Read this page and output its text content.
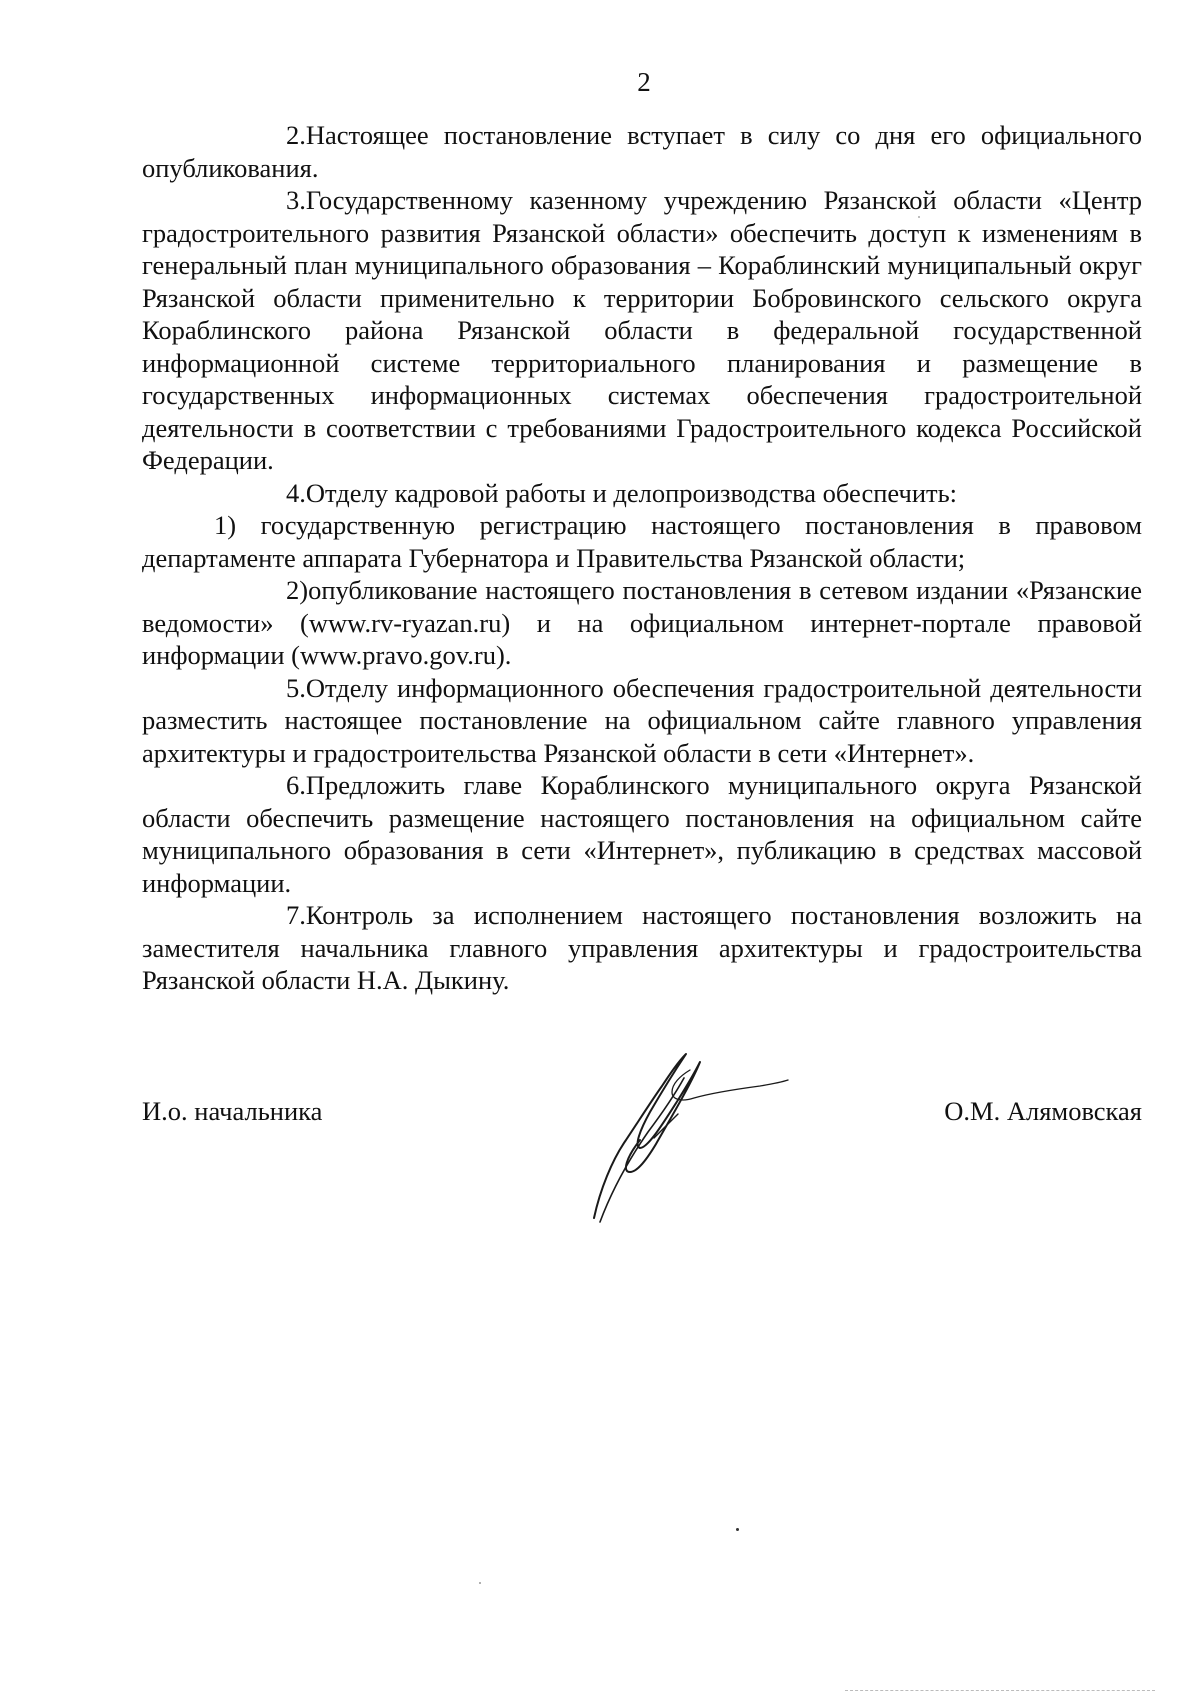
2

2.Настоящее постановление вступает в силу со дня его официального опубликования.

3.Государственному казенному учреждению Рязанской области «Центр градостроительного развития Рязанской области» обеспечить доступ к изменениям в генеральный план муниципального образования – Кораблинский муниципальный округ Рязанской области применительно к территории Бобровинского сельского округа Кораблинского района Рязанской области в федеральной государственной информационной системе территориального планирования и размещение в государственных информационных системах обеспечения градостроительной деятельности в соответствии с требованиями Градостроительного кодекса Российской Федерации.

4.Отделу кадровой работы и делопроизводства обеспечить:

1) государственную регистрацию настоящего постановления в правовом департаменте аппарата Губернатора и Правительства Рязанской области;

2)опубликование настоящего постановления в сетевом издании «Рязанские ведомости» (www.rv-ryazan.ru) и на официальном интернет-портале правовой информации (www.pravo.gov.ru).

5.Отделу информационного обеспечения градостроительной деятельности разместить настоящее постановление на официальном сайте главного управления архитектуры и градостроительства Рязанской области в сети «Интернет».

6.Предложить главе Кораблинского муниципального округа Рязанской области обеспечить размещение настоящего постановления на официальном сайте муниципального образования в сети «Интернет», публикацию в средствах массовой информации.

7.Контроль за исполнением настоящего постановления возложить на заместителя начальника главного управления архитектуры и градостроительства Рязанской области Н.А. Дыкину.

И.о. начальника	О.М. Алямовская
